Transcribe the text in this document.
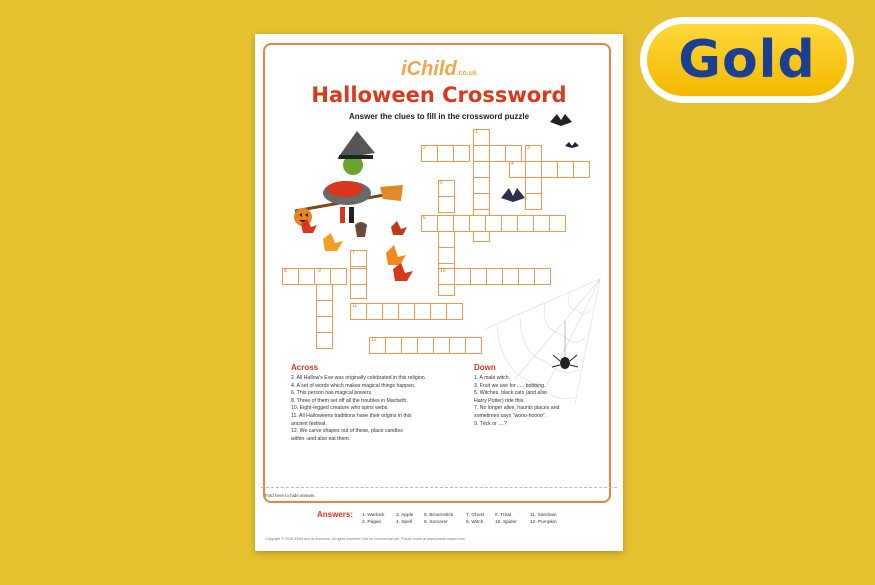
Gold
iChild.co.uk
Halloween Crossword
Answer the clues to fill in the crossword puzzle
1
2	3
4
5
6
7
8	9	10
11
12
Across
2. All Hallow's Eve was originally celebrated in this religion.
4. A set of words which makes magical things happen.
6. This person has magical powers.
8. Three of them set off all the troubles in Macbeth.
10. Eight-legged creature who spins webs.
11. All Halloweens traditions have their origins in this
ancient festival.
12. We carve shapes out of these, place candles
within -and also eat them.
Down
1. A male witch.
3. Fruit we use for ..... bobbing.
5. Witches, black cats (and also
Harry Potter) ride this.
7. No longer alive, haunts places and
sometimes says "wooo-hoooo".
9. Trick or ....?
Fold here to hide answer.
Answers: 1. Warlock
2. Pagan
3. Apple
4. Spell
5. Broomstick
6. Sorcerer
7. Ghost
8. Witch
9. Treat
10. Spider
11. Samhain
12. Pumpkin
Copyright © 2018 iChild and its licensors. All rights reserved. Not for commercial use. Puzzle made at www.puzzle-maker.com
